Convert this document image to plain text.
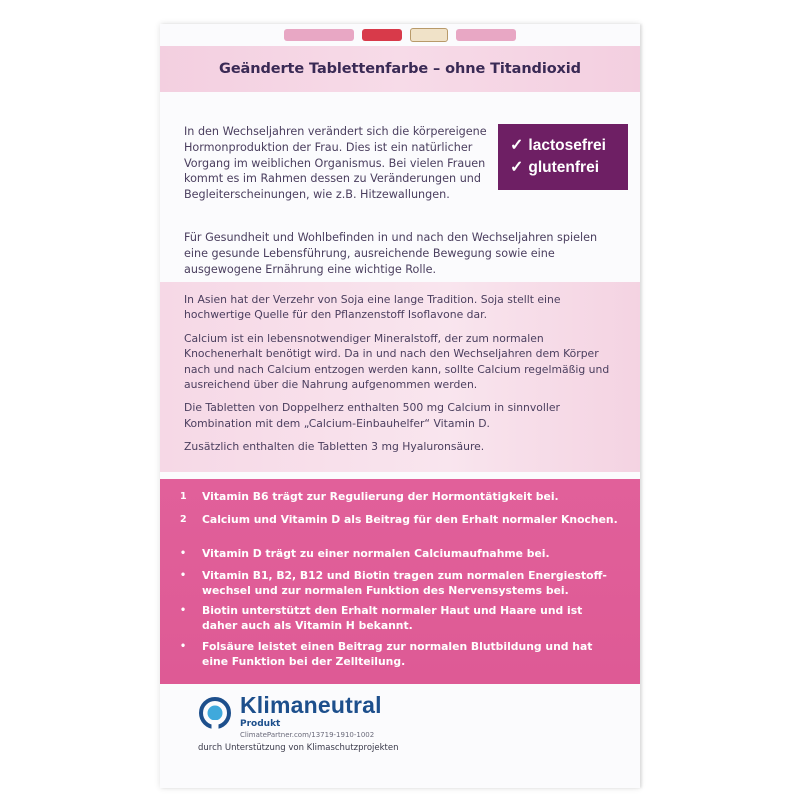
Geänderte Tablettenfarbe – ohne Titandioxid

In den Wechseljahren verändert sich die körpereigene Hormonproduktion der Frau. Dies ist ein natürlicher Vorgang im weiblichen Organismus. Bei vielen Frauen kommt es im Rahmen dessen zu Veränderungen und Begleiterscheinungen, wie z.B. Hitzewallungen.

✓ lactosefrei
✓ glutenfrei
Für Gesundheit und Wohlbefinden in und nach den Wechseljahren spielen eine gesunde Lebensführung, ausreichende Bewegung sowie eine ausgewogene Ernährung eine wichtige Rolle.

In Asien hat der Verzehr von Soja eine lange Tradition. Soja stellt eine hochwertige Quelle für den Pflanzenstoff Isoflavone dar.

Calcium ist ein lebensnotwendiger Mineralstoff, der zum normalen Knochenerhalt benötigt wird. Da in und nach den Wechseljahren dem Körper nach und nach Calcium entzogen werden kann, sollte Calcium regelmäßig und ausreichend über die Nahrung aufgenommen werden.

Die Tabletten von Doppelherz enthalten 500 mg Calcium in sinnvoller Kombination mit dem „Calcium-Einbauhelfer“ Vitamin D.

Zusätzlich enthalten die Tabletten 3 mg Hyaluronsäure.

1	Vitamin B6 trägt zur Regulierung der Hormontätigkeit bei.
2	Calcium und Vitamin D als Beitrag für den Erhalt normaler Knochen.
•	Vitamin D trägt zu einer normalen Calciumaufnahme bei.
•	Vitamin B1, B2, B12 und Biotin tragen zum normalen Energiestoffwechsel und zur normalen Funktion des Nervensystems bei.
•	Biotin unterstützt den Erhalt normaler Haut und Haare und ist daher auch als Vitamin H bekannt.
•	Folsäure leistet einen Beitrag zur normalen Blutbildung und hat eine Funktion bei der Zellteilung.
Klimaneutral
Produkt
ClimatePartner.com/13719-1910-1002
durch Unterstützung von Klimaschutzprojekten
